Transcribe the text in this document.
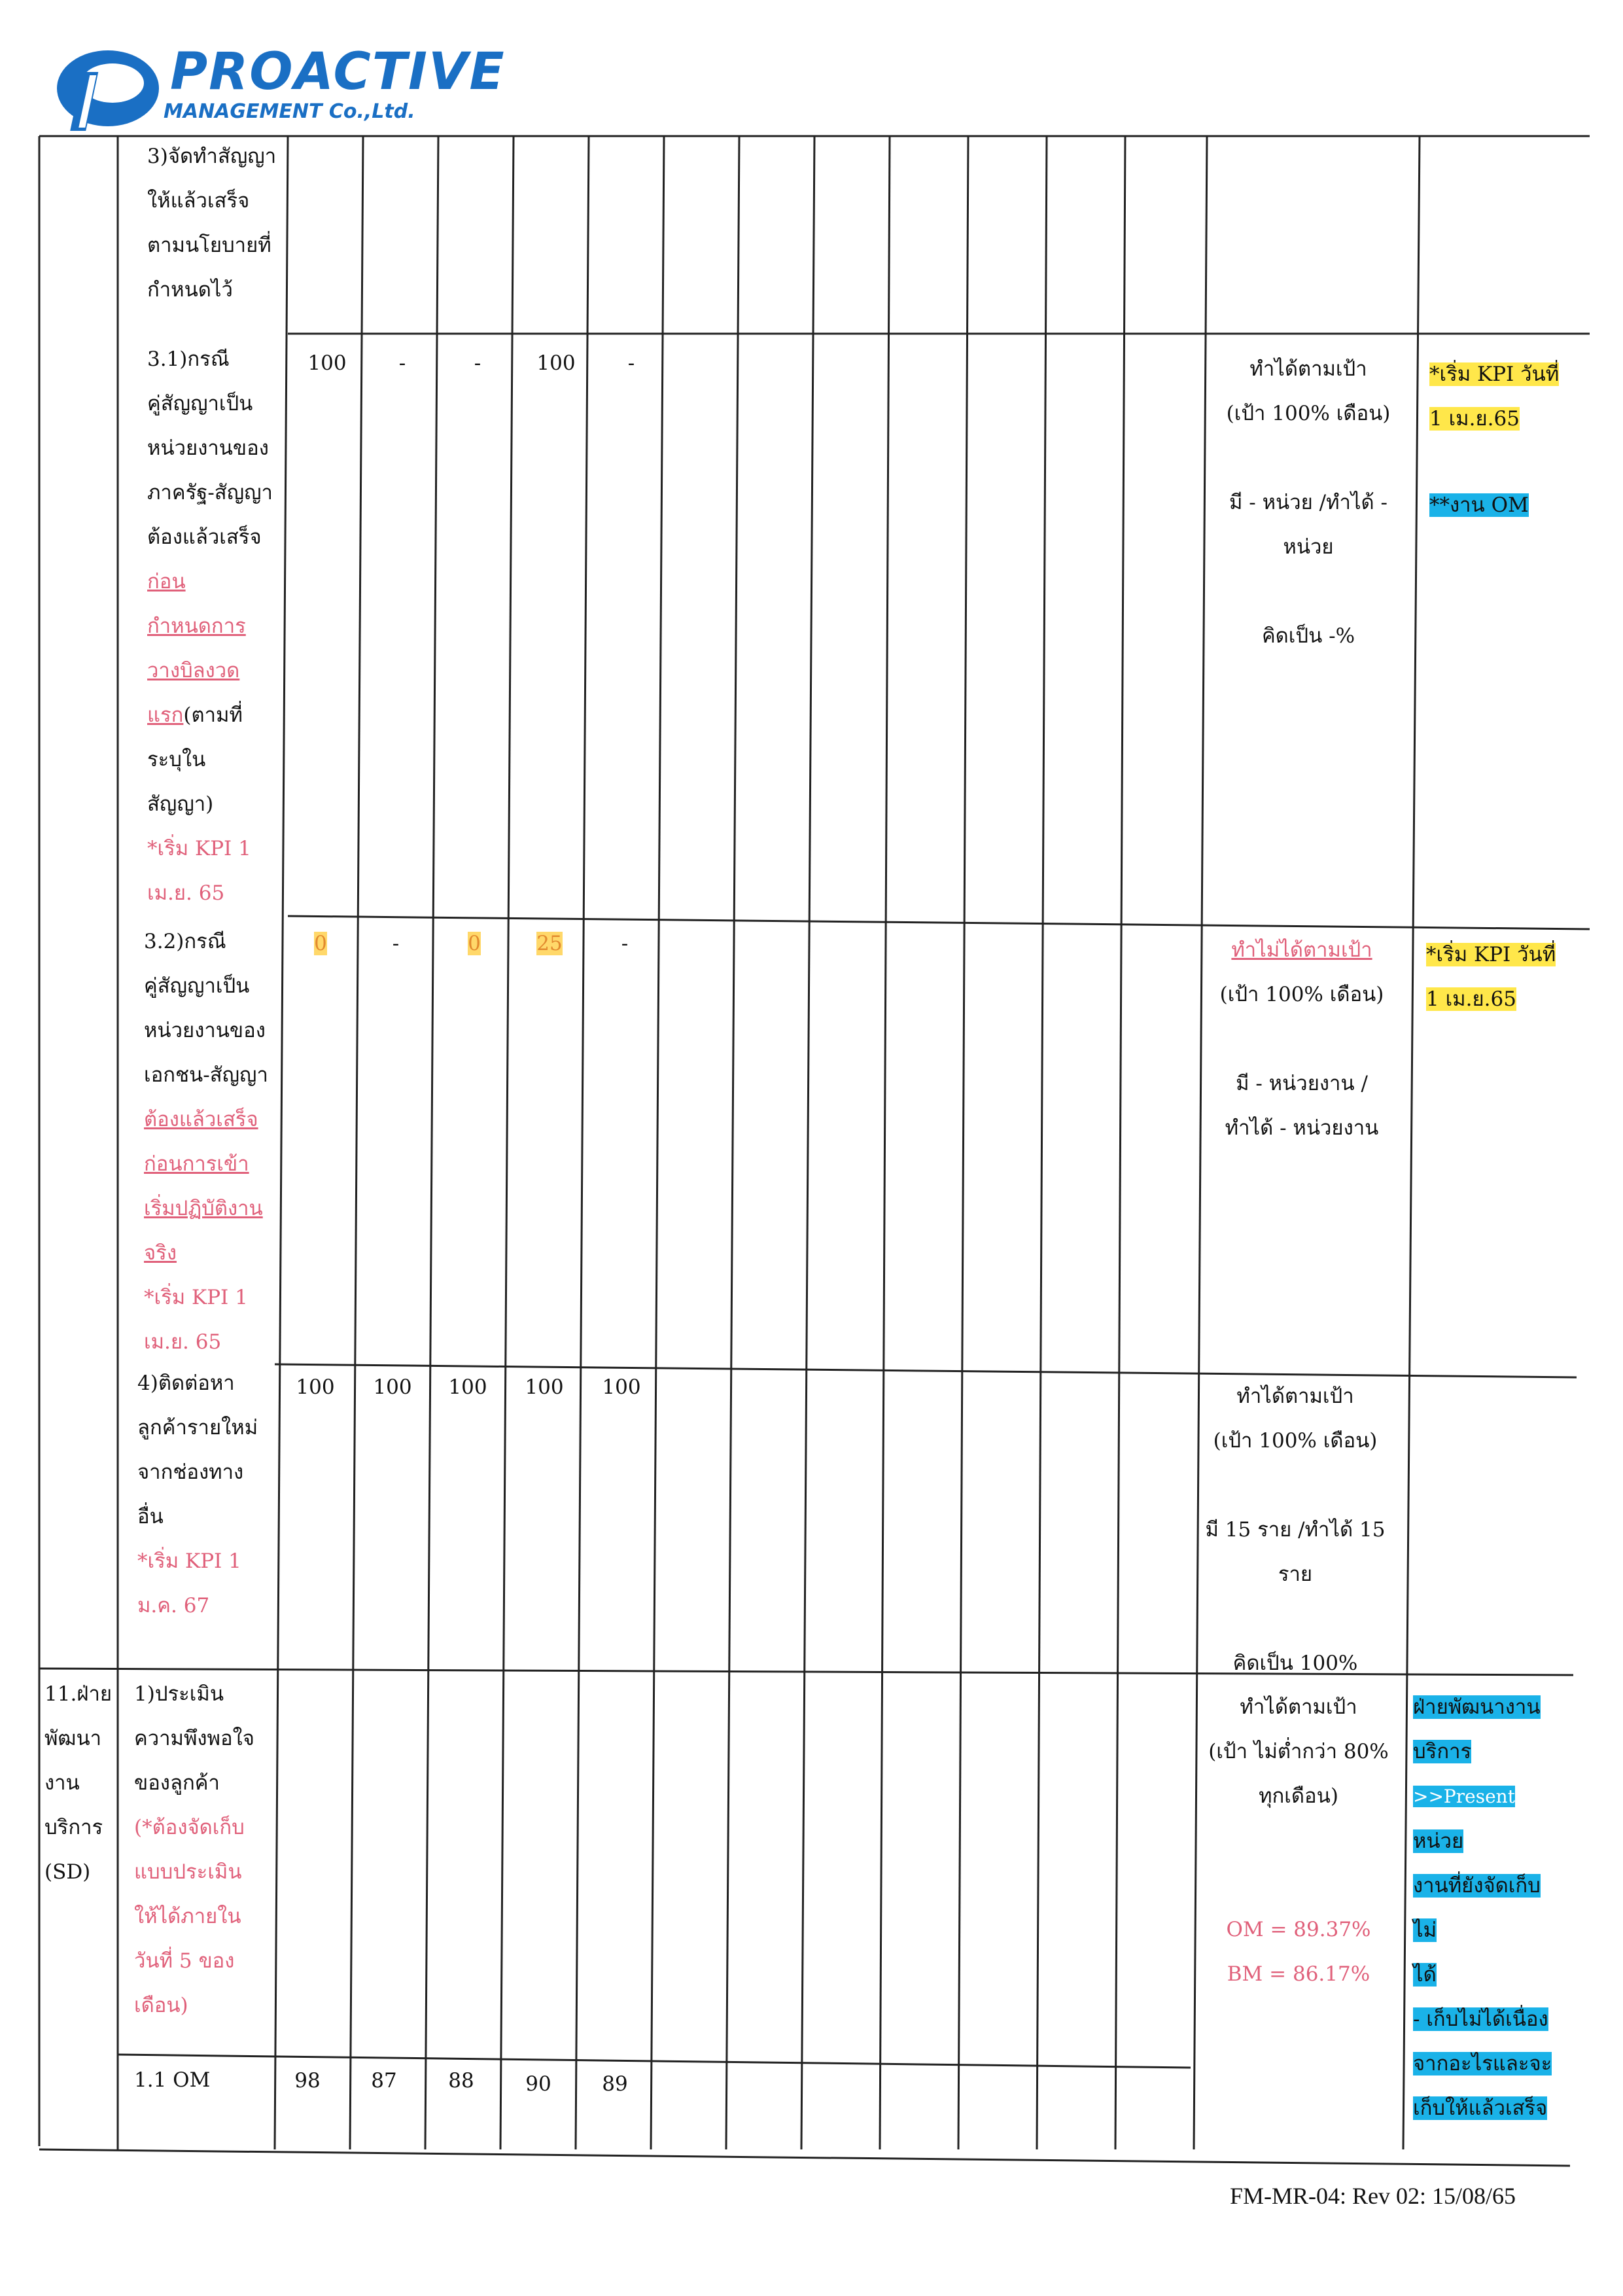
PROACTIVE
MANAGEMENT Co.,Ltd.
3)จัดทำสัญญา
ให้แล้วเสร็จ
ตามนโยบายที่
กำหนดไว้
3.1)กรณี
คู่สัญญาเป็น
หน่วยงานของ
ภาครัฐ-สัญญา
ต้องแล้วเสร็จ
ก่อน
กำหนดการ
วางบิลงวด
แรก(ตามที่
ระบุใน
สัญญา)
*เริ่ม KPI 1
เม.ย. 65
100	-	-	100	-	ทำได้ตามเป้า
(เป้า 100% เดือน)
มี - หน่วย /ทำได้ -
หน่วย
คิดเป็น -%
*เริ่ม KPI วันที่
1 เม.ย.65
**งาน OM
3.2)กรณี
คู่สัญญาเป็น
หน่วยงานของ
เอกชน-สัญญา
ต้องแล้วเสร็จ
ก่อนการเข้า
เริ่มปฏิบัติงาน
จริง
*เริ่ม KPI 1
เม.ย. 65
0	-	0	25	-	ทำไม่ได้ตามเป้า
(เป้า 100% เดือน)
มี - หน่วยงาน /
ทำได้ - หน่วยงาน
*เริ่ม KPI วันที่
1 เม.ย.65
4)ติดต่อหา
ลูกค้ารายใหม่
จากช่องทาง
อื่น
*เริ่ม KPI 1
ม.ค. 67
100	100	100	100	100	ทำได้ตามเป้า
(เป้า 100% เดือน)
มี 15 ราย /ทำได้ 15
ราย
คิดเป็น 100%
11.ฝ่าย
พัฒนา
งาน
บริการ
(SD)
1)ประเมิน
ความพึงพอใจ
ของลูกค้า
(*ต้องจัดเก็บ
แบบประเมิน
ให้ได้ภายใน
วันที่ 5 ของ
เดือน)
ทำได้ตามเป้า
(เป้า ไม่ต่ำกว่า 80%
ทุกเดือน)
OM = 89.37%
BM = 86.17%
ฝ่ายพัฒนางาน
บริการ
>>Present
หน่วย
งานที่ยังจัดเก็บ
ไม่
ได้
- เก็บไม่ได้เนื่อง
จากอะไรและจะ
เก็บให้แล้วเสร็จ
1.1 OM	98	87	88	90	89
FM-MR-04: Rev 02: 15/08/65
